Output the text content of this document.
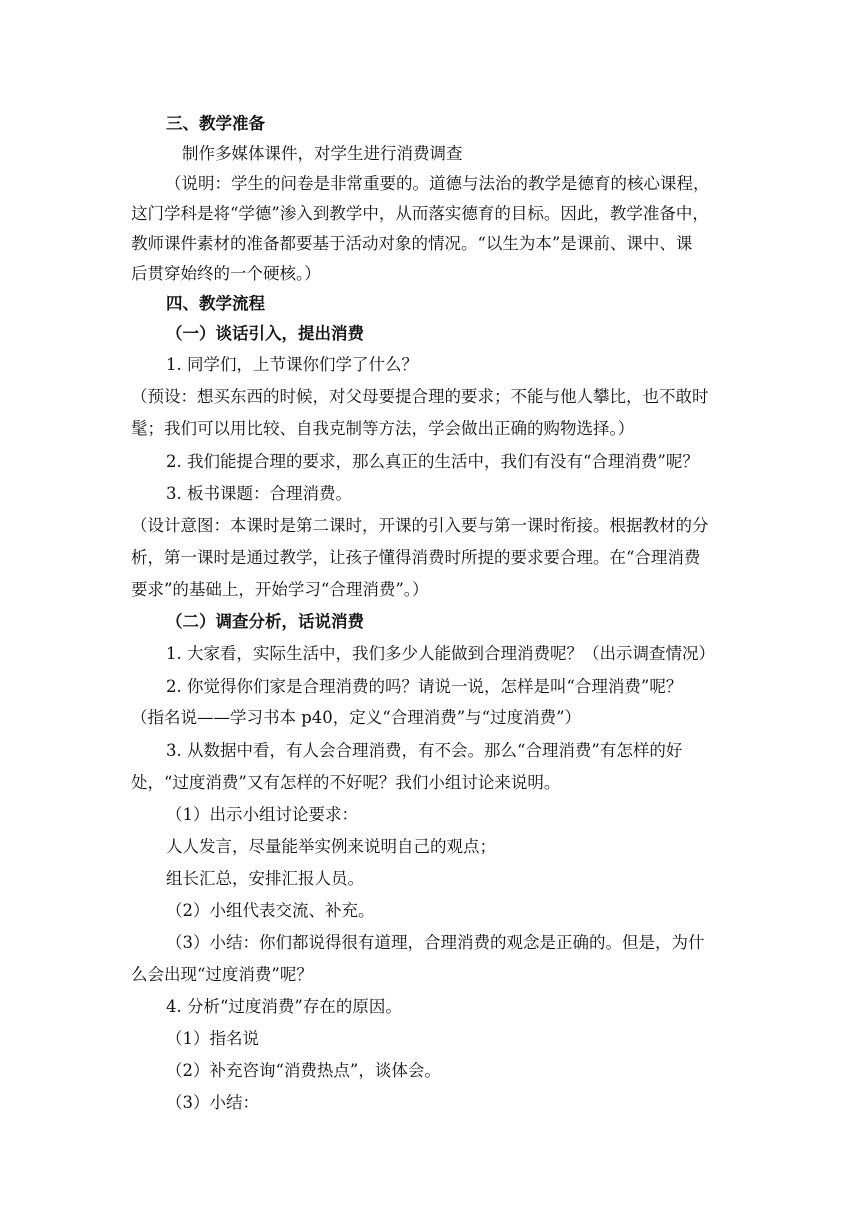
三、教学准备

制作多媒体课件，对学生进行消费调查

（说明：学生的问卷是非常重要的。道德与法治的教学是德育的核心课程，

这门学科是将“学德”渗入到教学中，从而落实德育的目标。因此，教学准备中，

教师课件素材的准备都要基于活动对象的情况。“以生为本”是课前、课中、课

后贯穿始终的一个硬核。）

四、教学流程

（一）谈话引入，提出消费

1. 同学们，上节课你们学了什么？

（预设：想买东西的时候，对父母要提合理的要求；不能与他人攀比，也不敢时

髦；我们可以用比较、自我克制等方法，学会做出正确的购物选择。）

2. 我们能提合理的要求，那么真正的生活中，我们有没有“合理消费”呢？

3. 板书课题：合理消费。

（设计意图：本课时是第二课时，开课的引入要与第一课时衔接。根据教材的分

析，第一课时是通过教学，让孩子懂得消费时所提的要求要合理。在“合理消费

要求”的基础上，开始学习“合理消费”。）

（二）调查分析，话说消费

1. 大家看，实际生活中，我们多少人能做到合理消费呢？（出示调查情况）

2. 你觉得你们家是合理消费的吗？请说一说，怎样是叫“合理消费”呢？

（指名说——学习书本 p40，定义“合理消费”与“过度消费”）

3. 从数据中看，有人会合理消费，有不会。那么“合理消费”有怎样的好

处，“过度消费”又有怎样的不好呢？我们小组讨论来说明。

（1）出示小组讨论要求：

人人发言，尽量能举实例来说明自己的观点；

组长汇总，安排汇报人员。

（2）小组代表交流、补充。

（3）小结：你们都说得很有道理，合理消费的观念是正确的。但是，为什

么会出现“过度消费”呢？

4. 分析“过度消费”存在的原因。

（1）指名说

（2）补充咨询“消费热点”，谈体会。

（3）小结：
